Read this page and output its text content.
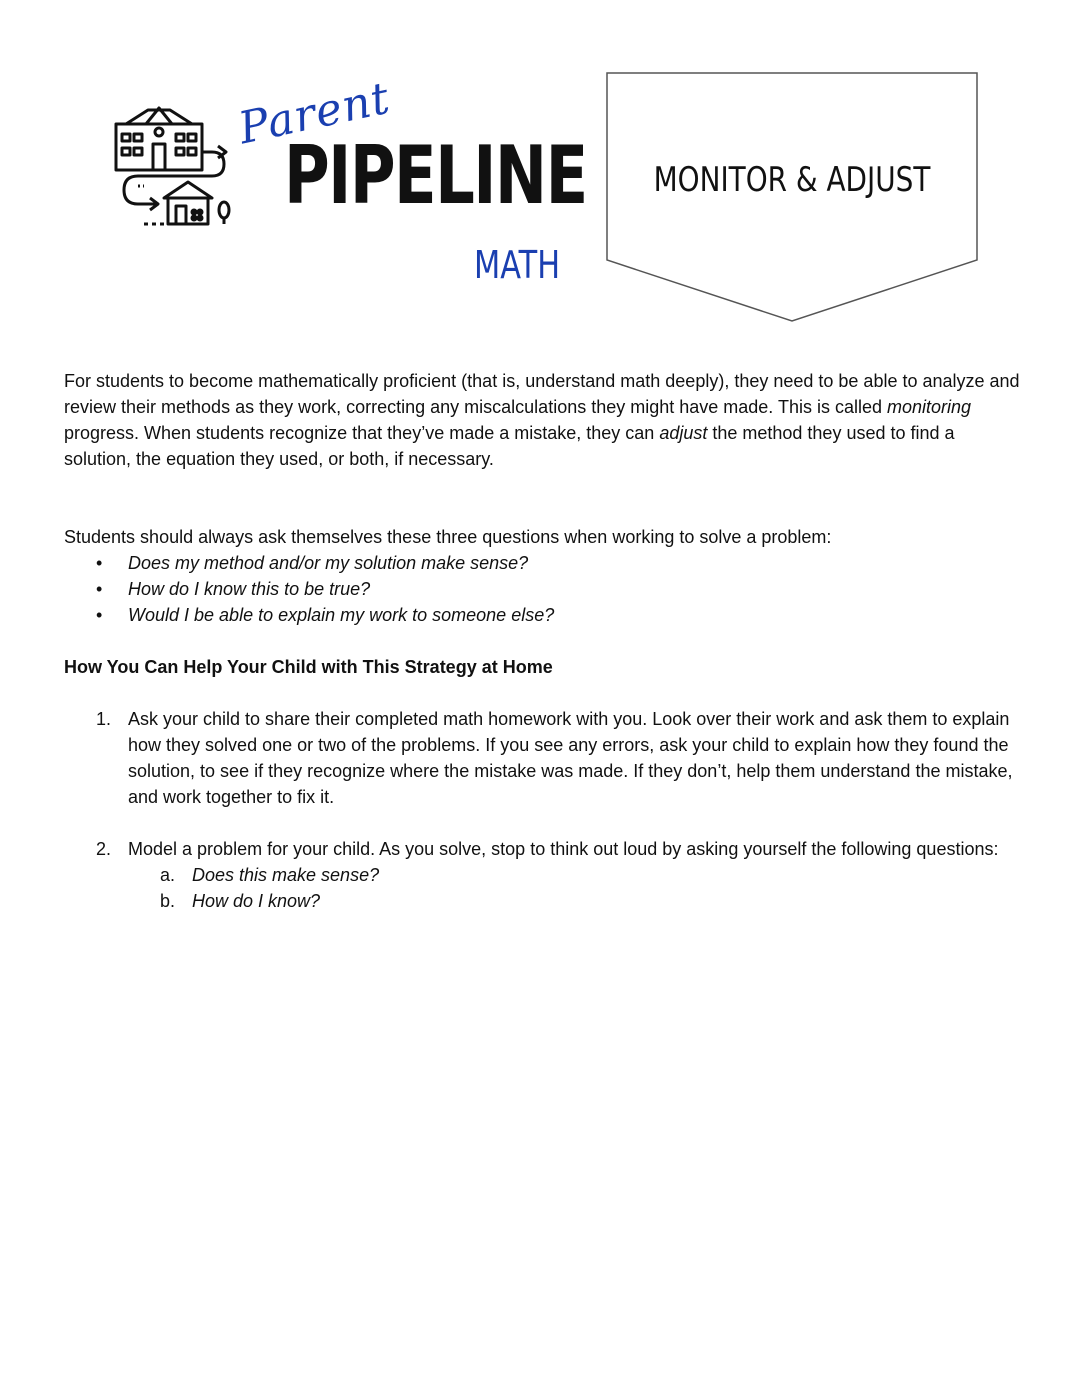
Parent
PIPELINE
MATH
MONITOR & ADJUST

For students to become mathematically proficient (that is, understand math deeply), they need to be able to analyze and review their methods as they work, correcting any miscalculations they might have made. This is called monitoring progress. When students recognize that they’ve made a mistake, they can adjust the method they used to find a solution, the equation they used, or both, if necessary.

Students should always ask themselves these three questions when working to solve a problem:

• Does my method and/or my solution make sense?
• How do I know this to be true?
• Would I be able to explain my work to someone else?

How You Can Help Your Child with This Strategy at Home

1. Ask your child to share their completed math homework with you. Look over their work and ask them to explain how they solved one or two of the problems. If you see any errors, ask your child to explain how they found the solution, to see if they recognize where the mistake was made. If they don’t, help them understand the mistake, and work together to fix it.
2. Model a problem for your child. As you solve, stop to think out loud by asking yourself the following questions:
a. Does this make sense?
b. How do I know?
